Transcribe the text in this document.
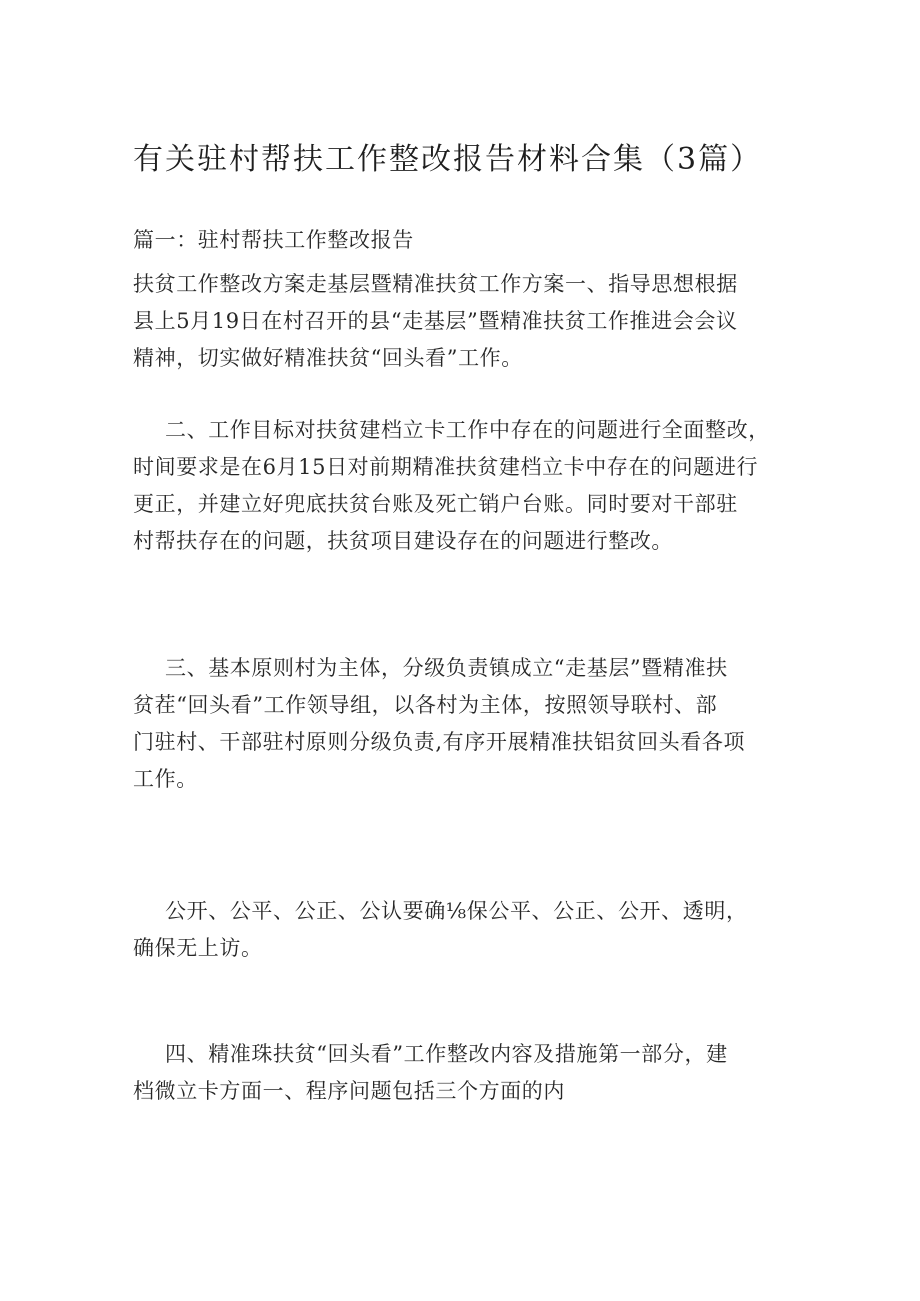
有关驻村帮扶工作整改报告材料合集（3篇）
篇一：驻村帮扶工作整改报告
扶贫工作整改方案走基层暨精准扶贫工作方案一、指导思想根据
县上5月19日在村召开的县“走基层”暨精准扶贫工作推进会会议
精神，切实做好精准扶贫“回头看”工作。
二、工作目标对扶贫建档立卡工作中存在的问题进行全面整改，
时间要求是在6月15日对前期精准扶贫建档立卡中存在的问题进行
更正，并建立好兜底扶贫台账及死亡销户台账。同时要对干部驻
村帮扶存在的问题，扶贫项目建设存在的问题进行整改。
三、基本原则村为主体，分级负责镇成立“走基层”暨精准扶
贫茬“回头看”工作领导组，以各村为主体，按照领导联村、部
门驻村、干部驻村原则分级负责,有序开展精准扶铝贫回头看各项
工作。
公开、公平、公正、公认要确⅛保公平、公正、公开、透明，
确保无上访。
四、精准珠扶贫“回头看”工作整改内容及措施第一部分，建
档微立卡方面一、程序问题包括三个方面的内
